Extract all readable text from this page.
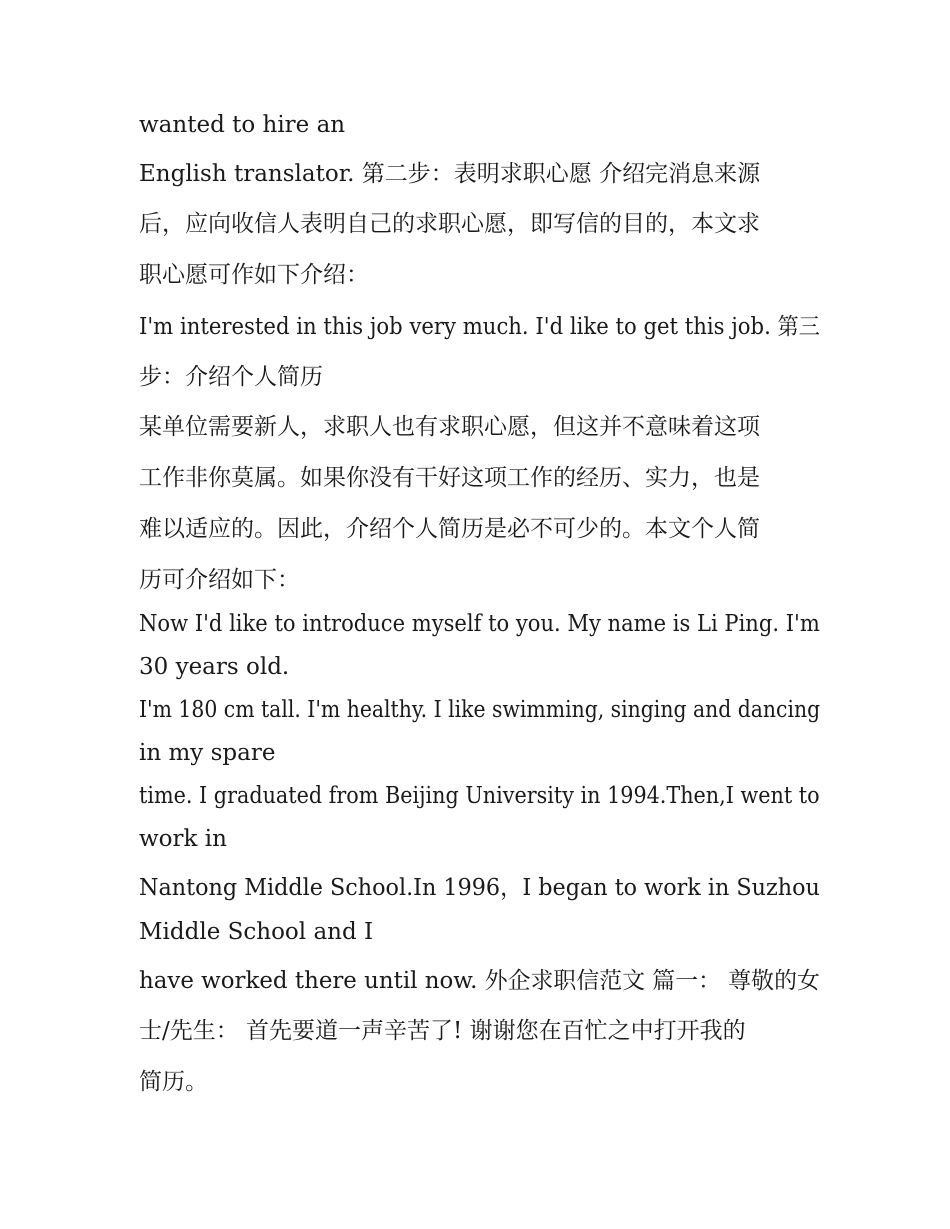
wanted to hire an
English translator. 第二步：表明求职心愿 介绍完消息来源
后，应向收信人表明自己的求职心愿，即写信的目的，本文求
职心愿可作如下介绍：
I'm interested in this job very much. I'd like to get this job. 第三
步：介绍个人简历
某单位需要新人，求职人也有求职心愿，但这并不意味着这项
工作非你莫属。如果你没有干好这项工作的经历、实力，也是
难以适应的。因此，介绍个人简历是必不可少的。本文个人简
历可介绍如下：
Now I'd like to introduce myself to you. My name is Li Ping. I'm
30 years old.
I'm 180 cm tall. I'm healthy. I like swimming, singing and dancing
in my spare
time. I graduated from Beijing University in 1994.Then,I went to
work in
Nantong Middle School.In 1996，I began to work in Suzhou
Middle School and I
have worked there until now. 外企求职信范文 篇一： 尊敬的女
士/先生： 首先要道一声辛苦了! 谢谢您在百忙之中打开我的
简历。
